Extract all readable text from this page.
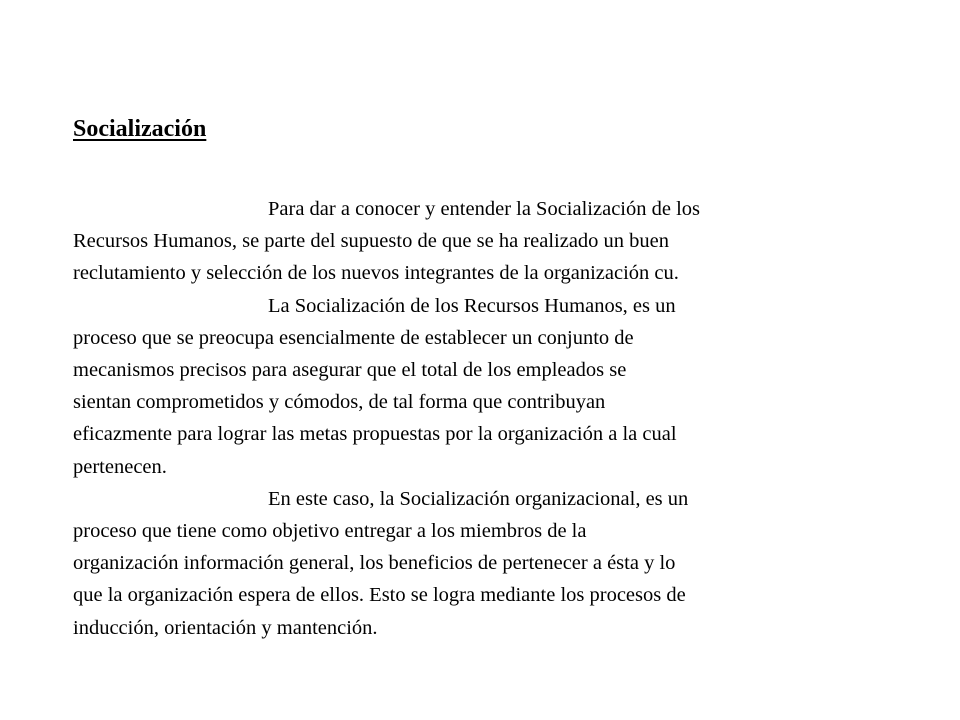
Socialización
Para dar a conocer y entender la Socialización de los
Recursos Humanos, se parte del supuesto de que se ha realizado un buen
reclutamiento y selección de los nuevos integrantes de la organización cu.
La Socialización de los Recursos Humanos, es un
proceso que se preocupa esencialmente de establecer un conjunto de
mecanismos precisos para asegurar que el total de los empleados se
sientan comprometidos y cómodos, de tal forma que contribuyan
eficazmente para lograr las metas propuestas por la organización a la cual
pertenecen.
En este caso, la Socialización organizacional, es un
proceso que tiene como objetivo entregar a los miembros de la
organización información general, los beneficios de pertenecer a ésta y lo
que la organización espera de ellos. Esto se logra mediante los procesos de
inducción, orientación y mantención.
